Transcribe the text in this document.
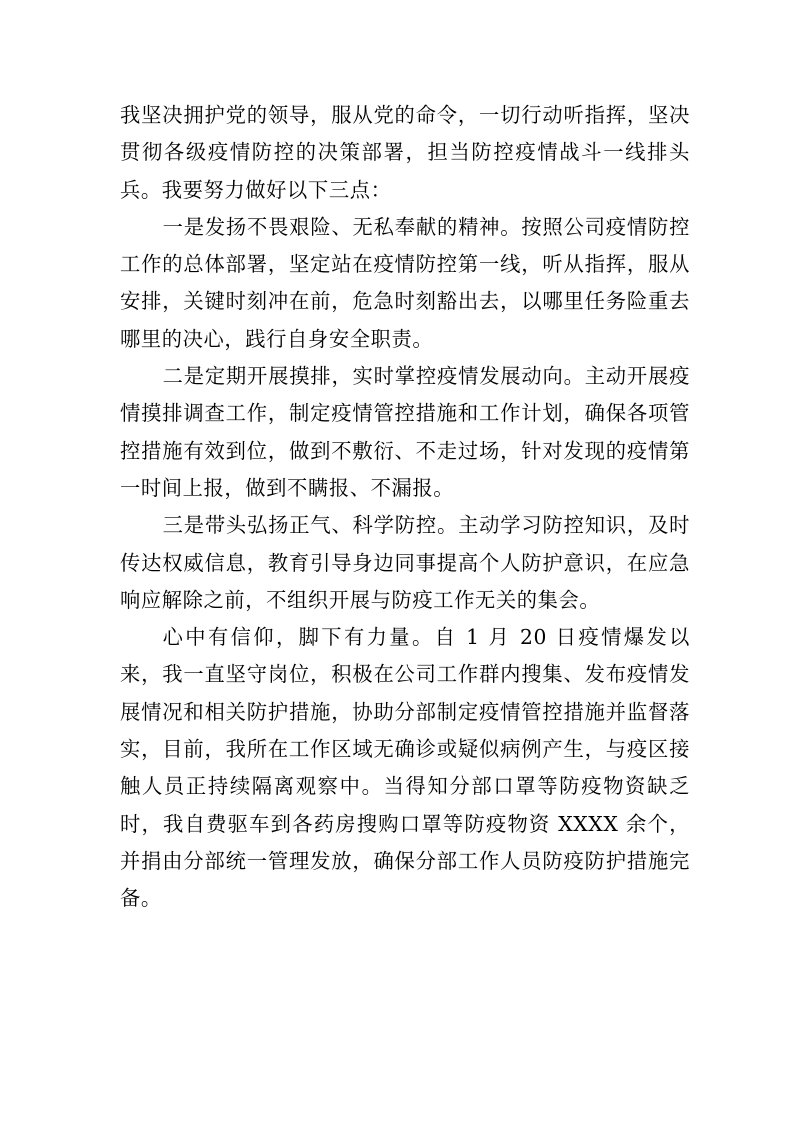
我坚决拥护党的领导，服从党的命令，一切行动听指挥，坚决贯彻各级疫情防控的决策部署，担当防控疫情战斗一线排头兵。我要努力做好以下三点：

一是发扬不畏艰险、无私奉献的精神。按照公司疫情防控工作的总体部署，坚定站在疫情防控第一线，听从指挥，服从安排，关键时刻冲在前，危急时刻豁出去，以哪里任务险重去哪里的决心，践行自身安全职责。

二是定期开展摸排，实时掌控疫情发展动向。主动开展疫情摸排调查工作，制定疫情管控措施和工作计划，确保各项管控措施有效到位，做到不敷衍、不走过场，针对发现的疫情第一时间上报，做到不瞒报、不漏报。

三是带头弘扬正气、科学防控。主动学习防控知识，及时传达权威信息，教育引导身边同事提高个人防护意识，在应急响应解除之前，不组织开展与防疫工作无关的集会。

心中有信仰，脚下有力量。自 1 月 20 日疫情爆发以来，我一直坚守岗位，积极在公司工作群内搜集、发布疫情发展情况和相关防护措施，协助分部制定疫情管控措施并监督落实，目前，我所在工作区域无确诊或疑似病例产生，与疫区接触人员正持续隔离观察中。当得知分部口罩等防疫物资缺乏时，我自费驱车到各药房搜购口罩等防疫物资 XXXX 余个，并捐由分部统一管理发放，确保分部工作人员防疫防护措施完备。
